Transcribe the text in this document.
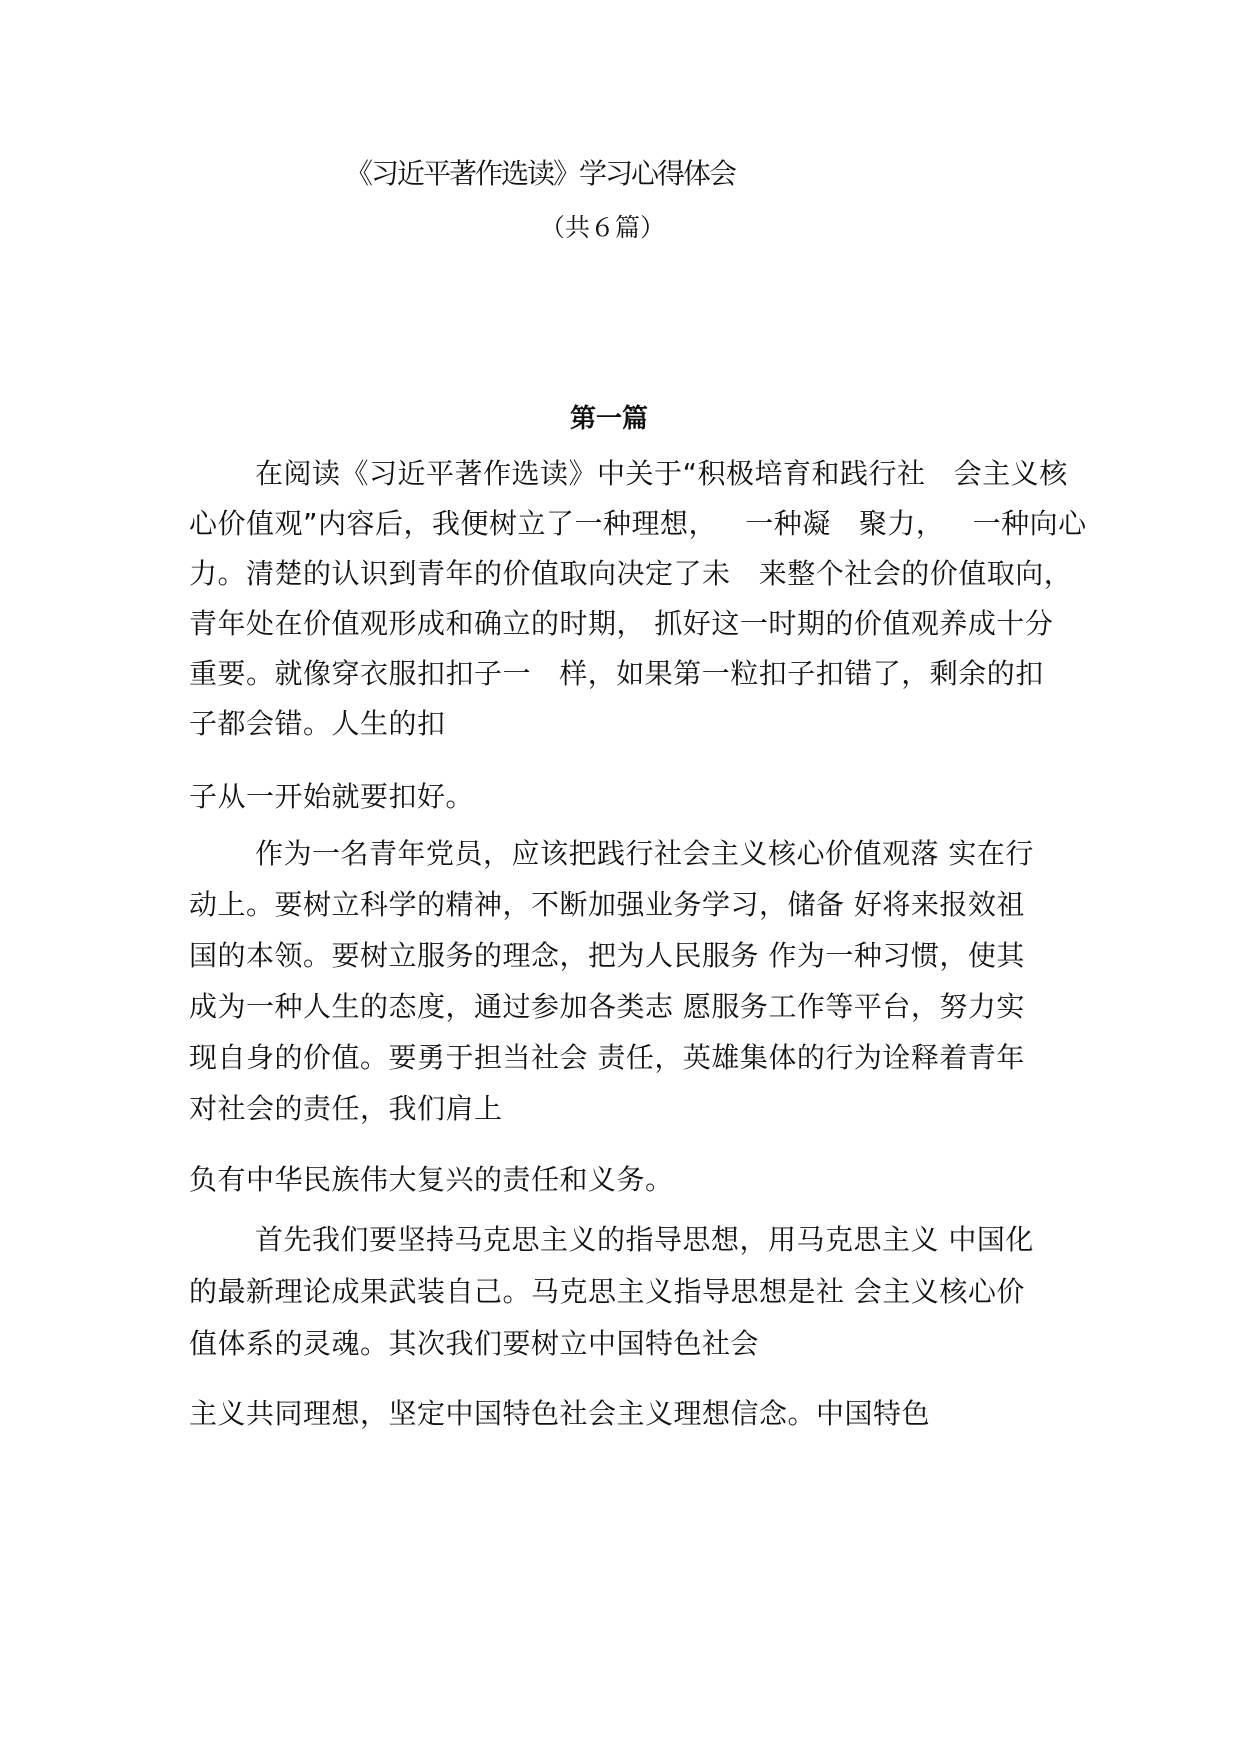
《习近平著作选读》学习心得体会
（共６篇）
第一篇
在阅读《习近平著作选读》中关于“积极培育和践行社   会主义核
心价值观”内容后，我便树立了一种理想，   一种凝   聚力，   一种向心
力。清楚的认识到青年的价值取向决定了未   来整个社会的价值取向，
青年处在价值观形成和确立的时期， 抓好这一时期的价值观养成十分
重要。就像穿衣服扣扣子一   样，如果第一粒扣子扣错了，剩余的扣
子都会错。人生的扣
子从一开始就要扣好。
作为一名青年党员，应该把践行社会主义核心价值观落 实在行
动上。要树立科学的精神，不断加强业务学习，储备 好将来报效祖
国的本领。要树立服务的理念，把为人民服务 作为一种习惯，使其
成为一种人生的态度，通过参加各类志 愿服务工作等平台，努力实
现自身的价值。要勇于担当社会 责任，英雄集体的行为诠释着青年
对社会的责任，我们肩上
负有中华民族伟大复兴的责任和义务。
首先我们要坚持马克思主义的指导思想，用马克思主义 中国化
的最新理论成果武装自己。马克思主义指导思想是社 会主义核心价
值体系的灵魂。其次我们要树立中国特色社会
主义共同理想，坚定中国特色社会主义理想信念。中国特色
